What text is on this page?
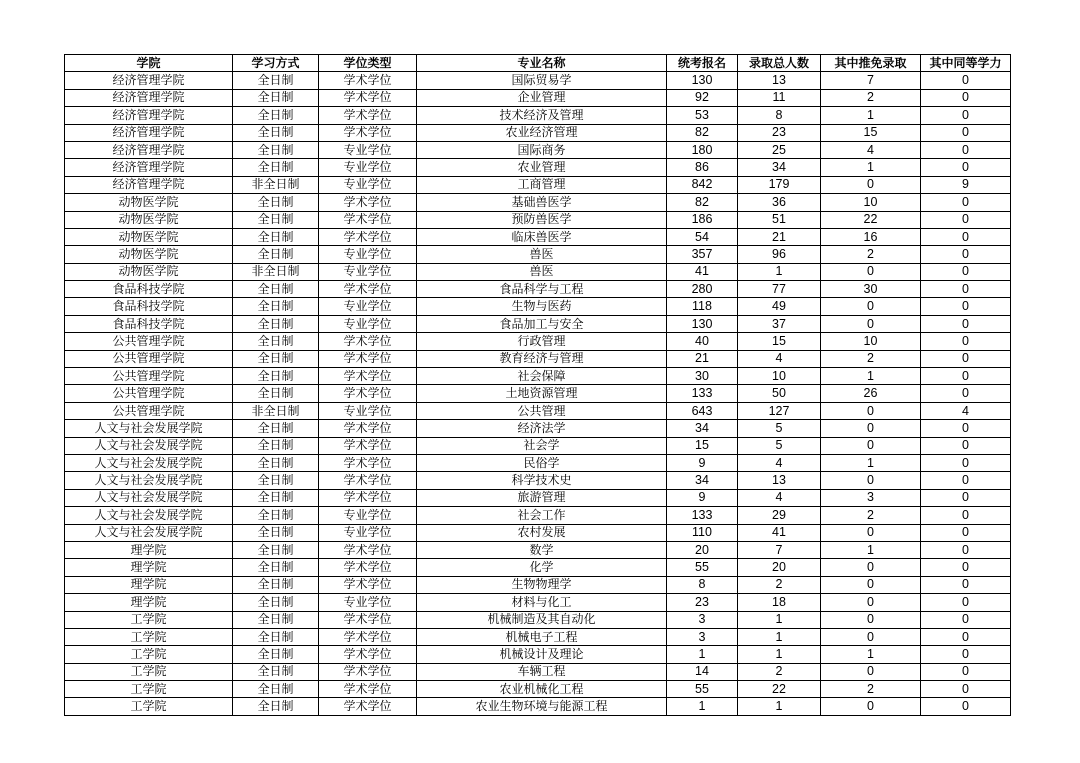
学院	学习方式	学位类型	专业名称	统考报名	录取总人数	其中推免录取	其中同等学力
经济管理学院	全日制	学术学位	国际贸易学	130	13	7	0
经济管理学院	全日制	学术学位	企业管理	92	11	2	0
经济管理学院	全日制	学术学位	技术经济及管理	53	8	1	0
经济管理学院	全日制	学术学位	农业经济管理	82	23	15	0
经济管理学院	全日制	专业学位	国际商务	180	25	4	0
经济管理学院	全日制	专业学位	农业管理	86	34	1	0
经济管理学院	非全日制	专业学位	工商管理	842	179	0	9
动物医学院	全日制	学术学位	基础兽医学	82	36	10	0
动物医学院	全日制	学术学位	预防兽医学	186	51	22	0
动物医学院	全日制	学术学位	临床兽医学	54	21	16	0
动物医学院	全日制	专业学位	兽医	357	96	2	0
动物医学院	非全日制	专业学位	兽医	41	1	0	0
食品科技学院	全日制	学术学位	食品科学与工程	280	77	30	0
食品科技学院	全日制	专业学位	生物与医药	118	49	0	0
食品科技学院	全日制	专业学位	食品加工与安全	130	37	0	0
公共管理学院	全日制	学术学位	行政管理	40	15	10	0
公共管理学院	全日制	学术学位	教育经济与管理	21	4	2	0
公共管理学院	全日制	学术学位	社会保障	30	10	1	0
公共管理学院	全日制	学术学位	土地资源管理	133	50	26	0
公共管理学院	非全日制	专业学位	公共管理	643	127	0	4
人文与社会发展学院	全日制	学术学位	经济法学	34	5	0	0
人文与社会发展学院	全日制	学术学位	社会学	15	5	0	0
人文与社会发展学院	全日制	学术学位	民俗学	9	4	1	0
人文与社会发展学院	全日制	学术学位	科学技术史	34	13	0	0
人文与社会发展学院	全日制	学术学位	旅游管理	9	4	3	0
人文与社会发展学院	全日制	专业学位	社会工作	133	29	2	0
人文与社会发展学院	全日制	专业学位	农村发展	110	41	0	0
理学院	全日制	学术学位	数学	20	7	1	0
理学院	全日制	学术学位	化学	55	20	0	0
理学院	全日制	学术学位	生物物理学	8	2	0	0
理学院	全日制	专业学位	材料与化工	23	18	0	0
工学院	全日制	学术学位	机械制造及其自动化	3	1	0	0
工学院	全日制	学术学位	机械电子工程	3	1	0	0
工学院	全日制	学术学位	机械设计及理论	1	1	1	0
工学院	全日制	学术学位	车辆工程	14	2	0	0
工学院	全日制	学术学位	农业机械化工程	55	22	2	0
工学院	全日制	学术学位	农业生物环境与能源工程	1	1	0	0
